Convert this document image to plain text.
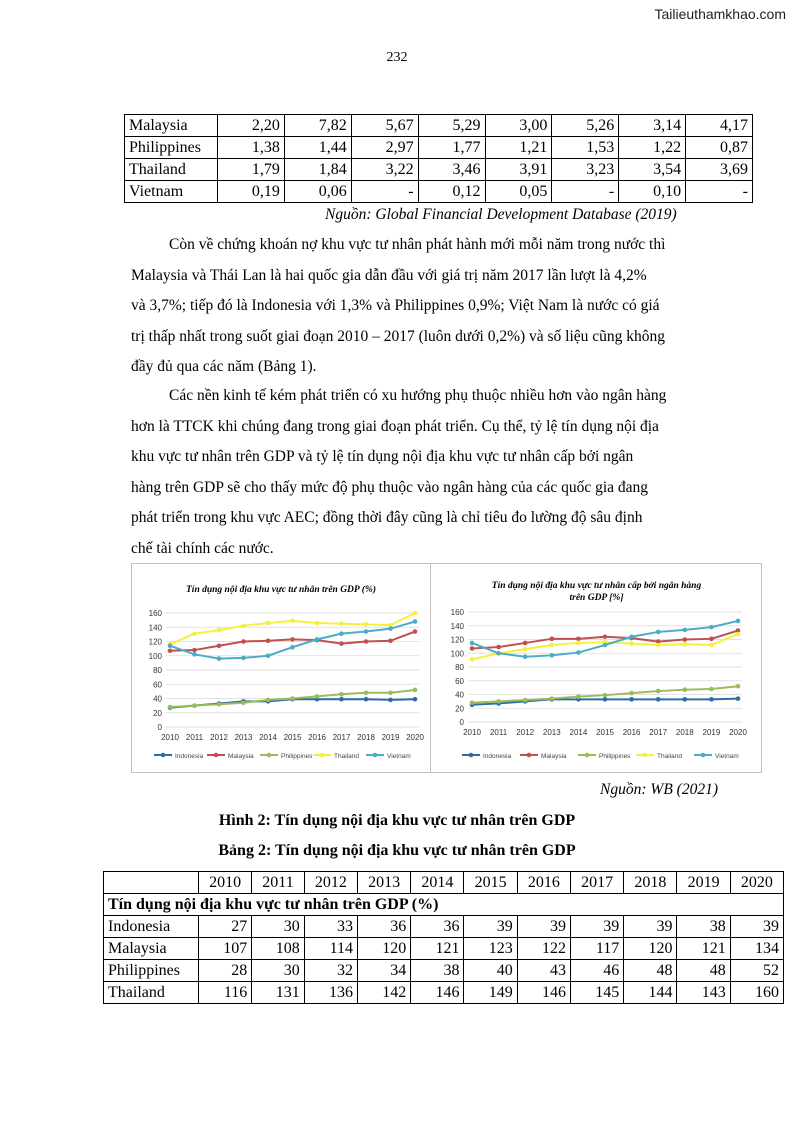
Tailieuthamkhao.com
232
Malaysia	2,20	7,82	5,67	5,29	3,00	5,26	3,14	4,17
Philippines	1,38	1,44	2,97	1,77	1,21	1,53	1,22	0,87
Thailand	1,79	1,84	3,22	3,46	3,91	3,23	3,54	3,69
Vietnam	0,19	0,06	-	0,12	0,05	-	0,10	-
Nguồn: Global Financial Development Database (2019)
Còn về chứng khoán nợ khu vực tư nhân phát hành mới mỗi năm trong nước thì
Malaysia và Thái Lan là hai quốc gia dẫn đầu với giá trị năm 2017 lần lượt là 4,2%
và 3,7%; tiếp đó là Indonesia với 1,3% và Philippines 0,9%; Việt Nam là nước có giá
trị thấp nhất trong suốt giai đoạn 2010 – 2017 (luôn dưới 0,2%) và số liệu cũng không
đầy đủ qua các năm (Bảng 1).
Các nền kinh tế kém phát triển có xu hướng phụ thuộc nhiều hơn vào ngân hàng
hơn là TTCK khi chúng đang trong giai đoạn phát triển. Cụ thể, tỷ lệ tín dụng nội địa
khu vực tư nhân trên GDP và tỷ lệ tín dụng nội địa khu vực tư nhân cấp bởi ngân
hàng trên GDP sẽ cho thấy mức độ phụ thuộc vào ngân hàng của các quốc gia đang
phát triển trong khu vực AEC; đồng thời đây cũng là chỉ tiêu đo lường độ sâu định
chế tài chính các nước.
Tín dụng nội địa khu vực tư nhân trên GDP (%)
0
20
40
60
80
100
120
140
160
2010 2011 2012 2013 2014 2015 2016 2017 2018 2019 2020
Indonesia	Malaysia	Philippines	Thailand	Vietnam
Tín dụng nội địa khu vực tư nhân cấp bởi ngân hàng
trên GDP [%]
0
20
40
60
80
100
120
140
160
2010 2011 2012 2013 2014 2015 2016 2017 2018 2019 2020
Indonesia	Malaysia	Philippines	Thailand	Vietnam
Nguồn: WB (2021)
Hình 2: Tín dụng nội địa khu vực tư nhân trên GDP
Bảng 2: Tín dụng nội địa khu vực tư nhân trên GDP
	2010	2011	2012	2013	2014	2015	2016	2017	2018	2019	2020
Tín dụng nội địa khu vực tư nhân trên GDP (%)											
Indonesia	27	30	33	36	36	39	39	39	39	38	39
Malaysia	107	108	114	120	121	123	122	117	120	121	134
Philippines	28	30	32	34	38	40	43	46	48	48	52
Thailand	116	131	136	142	146	149	146	145	144	143	160
